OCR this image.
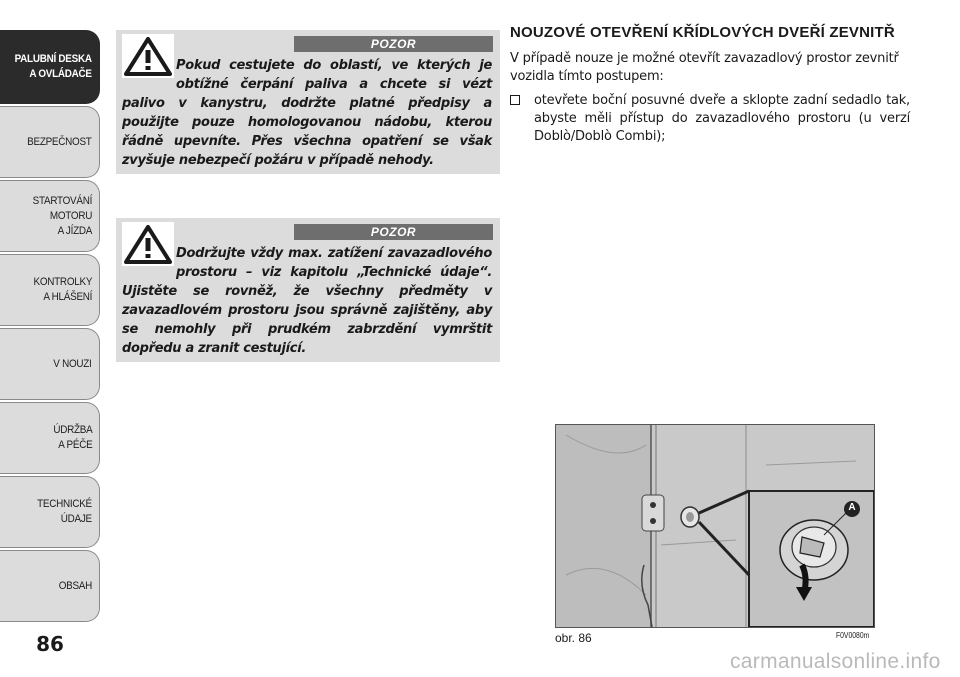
PALUBNÍ DESKA
A OVLÁDAČE
BEZPEČNOST
STARTOVÁNÍ
MOTORU
A JÍZDA
KONTROLKY
A HLÁŠENÍ
V NOUZI
ÚDRŽBA
A PÉČE
TECHNICKÉ
ÚDAJE
OBSAH
86
POZOR
Pokud cestujete do oblastí, ve kterých je obtížné čerpání paliva a chcete si vézt palivo v kanystru, dodržte platné předpisy a použijte pouze homologovanou nádobu, kterou řádně upevníte. Přes všechna opatření se však zvyšuje nebezpečí požáru v případě nehody.
POZOR
Dodržujte vždy max. zatížení zavazadlového prostoru – viz kapitolu „Technické údaje“. Ujistěte se rovněž, že všechny předměty v zavazadlovém prostoru jsou správně zajištěny, aby se nemohly při prudkém zabrzdění vymrštit dopředu a zranit cestující.
NOUZOVÉ OTEVŘENÍ KŘÍDLOVÝCH DVEŘÍ ZEVNITŘ

V případě nouze je možné otevřít zavazadlový prostor zevnitř vozidla tímto postupem:

otevřete boční posuvné dveře a sklopte zadní sedadlo tak, abyste měli přístup do zavazadlového prostoru (u verzí Doblò/Doblò Combi);
A
obr. 86	F0V0080m
carmanualsonline.info
